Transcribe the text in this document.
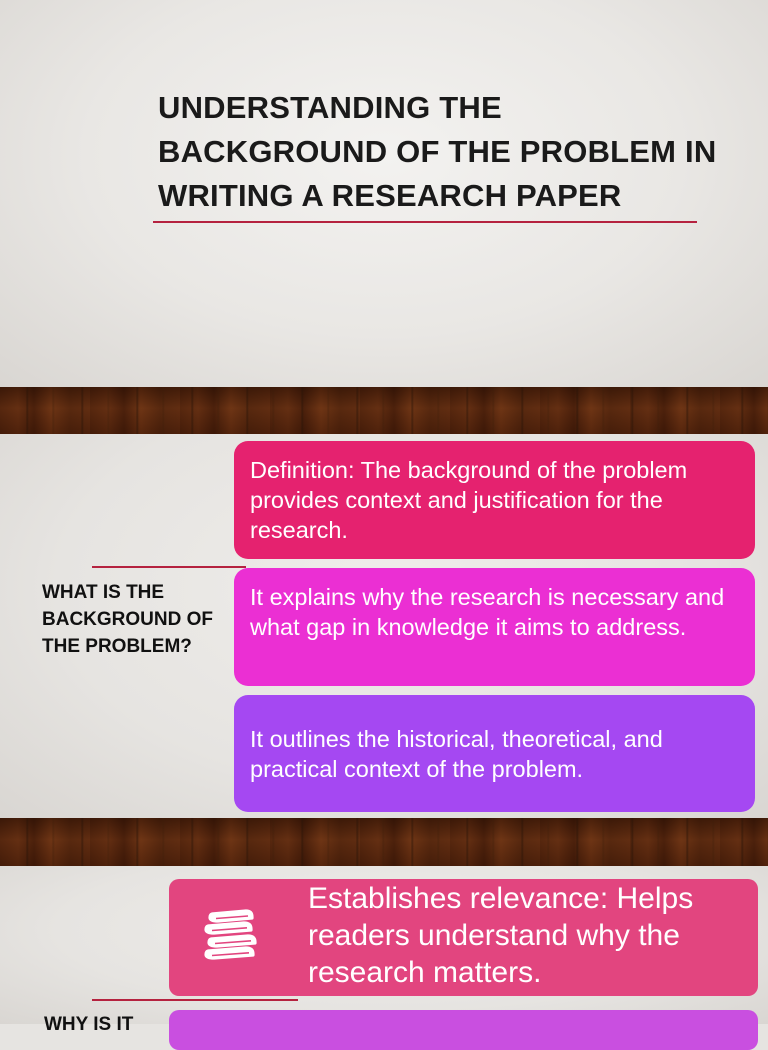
UNDERSTANDING THE BACKGROUND OF THE PROBLEM IN WRITING A RESEARCH PAPER
WHAT IS THE BACKGROUND OF THE PROBLEM?
Definition: The background of the problem provides context and justification for the research.
It explains why the research is necessary and what gap in knowledge it aims to address.
It outlines the historical, theoretical, and practical context of the problem.
Establishes relevance: Helps readers understand why the research matters.
WHY IS IT
